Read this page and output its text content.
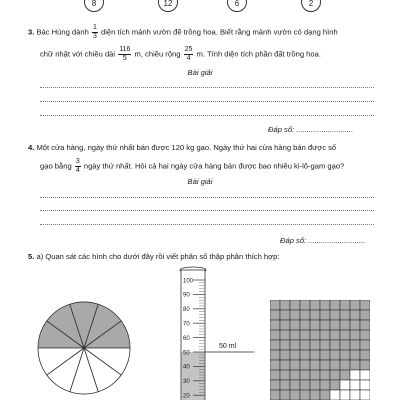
8	12	6	2
3. Bác Hùng dành $\frac{1}{3}$ diện tích mảnh vườn để trồng hoa. Biết rằng mảnh vườn có dạng hình
chữ nhật với chiều dài $\frac{116}{5} m$, chiều rộng $\frac{25}{4} m$. Tính diện tích phần đất trồng hoa.
Bài giải
Đáp số: ...........................
4. Một cửa hàng, ngày thứ nhất bán được 120 kg gạo. Ngày thứ hai cửa hàng bán được số
gạo bằng $\frac{3}{4}$ ngày thứ nhất. Hỏi cả hai ngày cửa hàng bán được bao nhiêu ki-lô-gam gạo?
Bài giải
Đáp số: ...........................
5. a) Quan sát các hình cho dưới đây rồi viết phân số thập phân thích hợp:
100
90
80
70
60
50
40
30
20
50 ml
